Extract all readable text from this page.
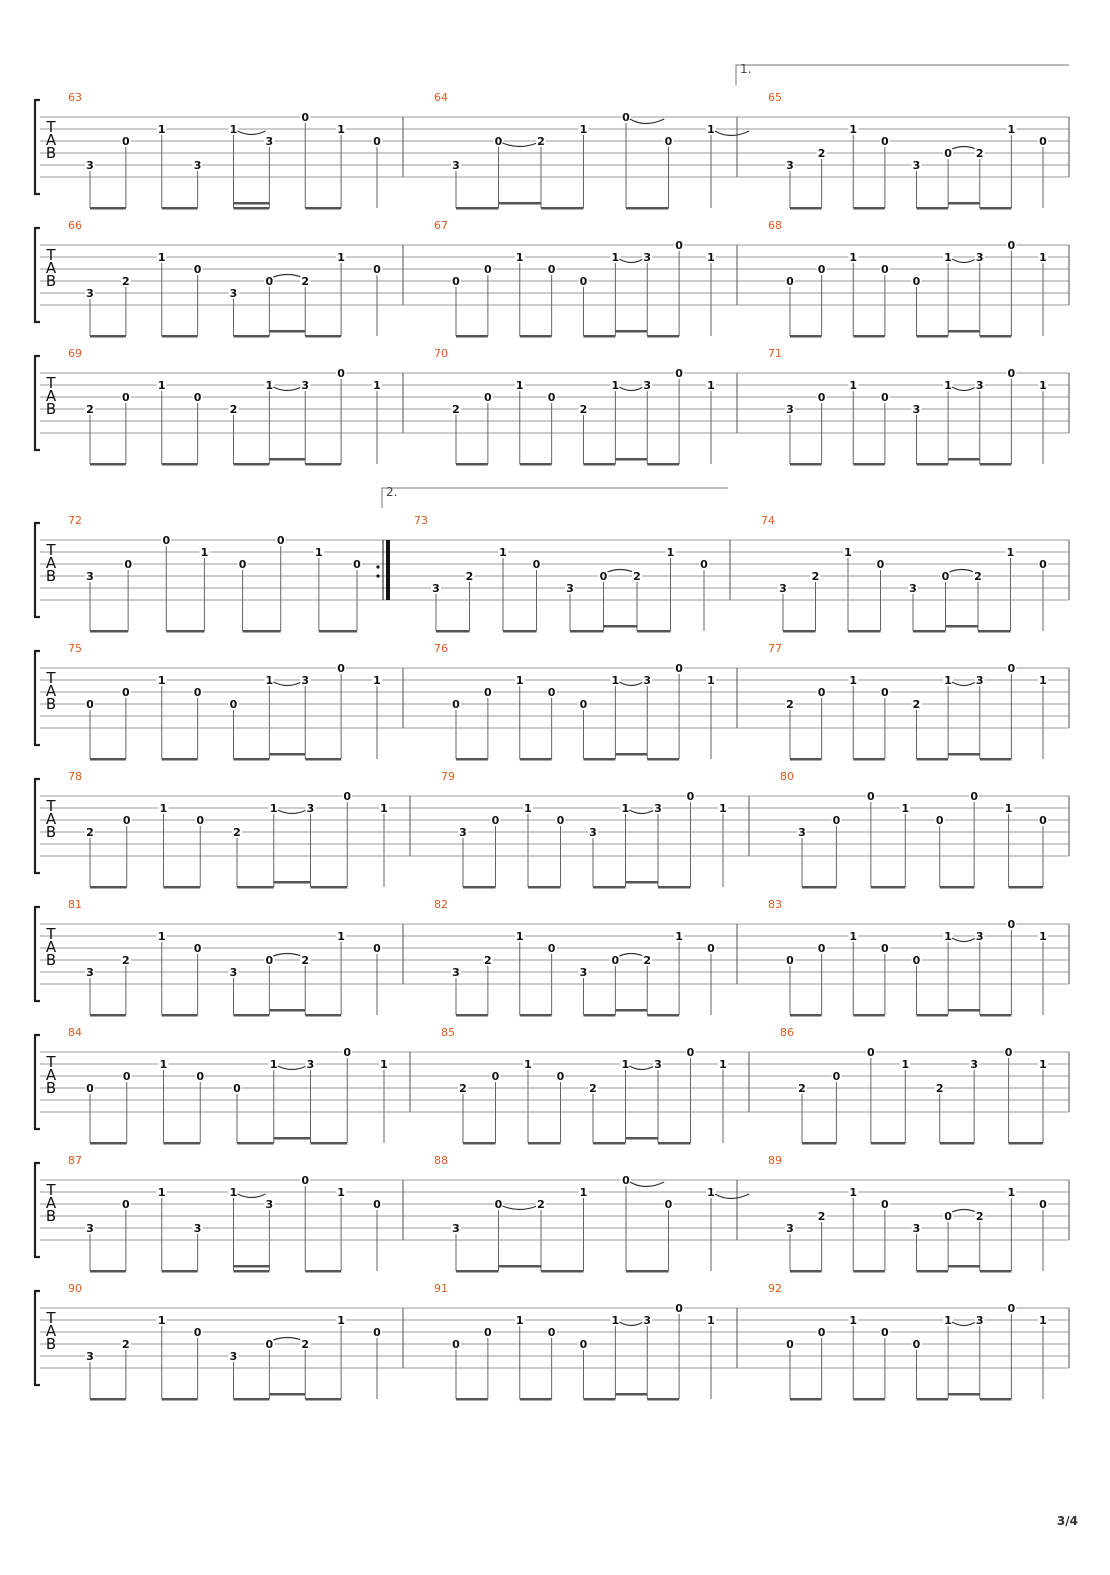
T
A
B
63
3
0
1
3
1
3
0
1
0
64
3
0	2
1
0
0
1
65
1.
3
2
1
0
3
0 2
1
0
T
A
B
66
3
2
1
0
3
0	2
1
0
67
0
0
1
0
0
1 3
0
1
68
0
0
1
0
0
1 3
0
1
T
A
B
69
2
0
1
0
2
1	3
0
1
70
2
0
1
0
2
1 3
0
1
71
3
0
1
0
3
1 3
0
1
T
A
B
72
3
0
0
1
0
0
1
0
73
2.
3
2
1
0
3
0 2
1
0
74
3
2
1
0
3
0 2
1
0
T
A
B
75
0
0
1
0
0
1	3
0
1
76
0
0
1
0
0
1 3
0
1
77
2
0
1
0
2
1 3
0
1
T
A
B
78
2
0
1
0
2
1	3
0
1
79
3
0
1
0
3
1 3
0
1
80
3
0
0
1
0
0
1
0
T
A
B
81
3
2
1
0
3
0	2
1
0
82
3
2
1
0
3
0 2
1
0
83
0
0
1
0
0
1 3
0
1
T
A
B
84
0
0
1
0
0
1	3
0
1
85
2
0
1
0
2
1 3
0
1
86
2
0
0
1
2
3
0
1
T
A
B
87
3
0
1
3
1
3
0
1
0
88
3
0	2
1
0
0
1
89
3
2
1
0
3
0 2
1
0
T
A
B
90
3
2
1
0
3
0	2
1
0
91
0
0
1
0
0
1 3
0
1
92
0
0
1
0
0
1 3
0
1
3/4
